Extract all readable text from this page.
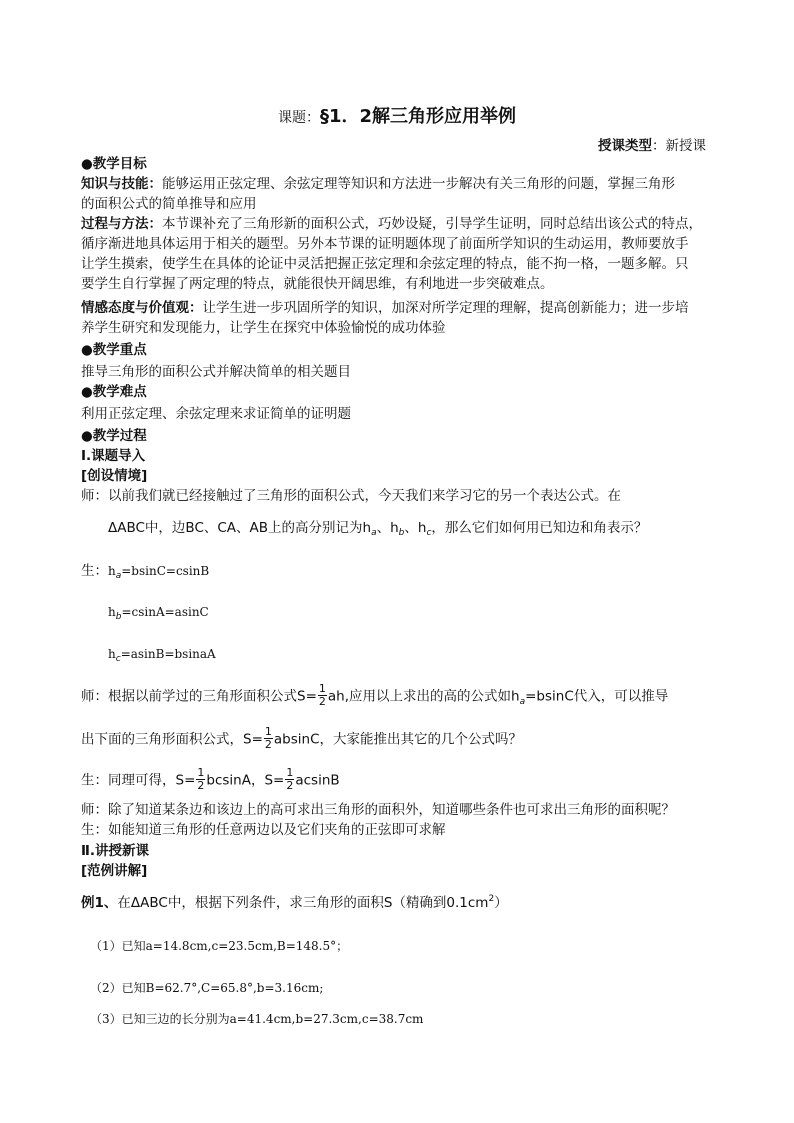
课题：§1．2解三角形应用举例
授课类型：新授课
●教学目标
知识与技能：能够运用正弦定理、余弦定理等知识和方法进一步解决有关三角形的问题，掌握三角形
的面积公式的简单推导和应用
过程与方法：本节课补充了三角形新的面积公式，巧妙设疑，引导学生证明，同时总结出该公式的特点，
循序渐进地具体运用于相关的题型。另外本节课的证明题体现了前面所学知识的生动运用，教师要放手
让学生摸索，使学生在具体的论证中灵活把握正弦定理和余弦定理的特点，能不拘一格，一题多解。只
要学生自行掌握了两定理的特点，就能很快开阔思维，有利地进一步突破难点。
情感态度与价值观：让学生进一步巩固所学的知识，加深对所学定理的理解，提高创新能力；进一步培
养学生研究和发现能力，让学生在探究中体验愉悦的成功体验
●教学重点
推导三角形的面积公式并解决简单的相关题目
●教学难点
利用正弦定理、余弦定理来求证简单的证明题
●教学过程
Ⅰ.课题导入
[创设情境]
师：以前我们就已经接触过了三角形的面积公式，今天我们来学习它的另一个表达公式。在
ΔABC中，边BC、CA、AB上的高分别记为$h_a$、$h_b$、$h_c$，那么它们如何用已知边和角表示？
生：$h_a=bsinC=csinB$
$h_b=csinA=asinC$
$h_c=asinB=bsinaA$
师：根据以前学过的三角形面积公式$S= \frac{1}{2}$ ah,应用以上求出的高的公式如$h_a=bsinC$代入，可以推导
出下面的三角形面积公式，$S= \frac{1}{2}$ absinC，大家能推出其它的几个公式吗？
生：同理可得，$S= \frac{1}{2}$ bcsinA，$S= \frac{1}{2}$ acsinB
师：除了知道某条边和该边上的高可求出三角形的面积外，知道哪些条件也可求出三角形的面积呢？
生：如能知道三角形的任意两边以及它们夹角的正弦即可求解
Ⅱ.讲授新课
[范例讲解]
例1、在ΔABC中，根据下列条件，求三角形的面积S（精确到$0.1cm^2$）
（1）已知a=14.8cm,c=23.5cm,B=148.5°；
（2）已知B=62.7°,C=65.8°,b=3.16cm;
（3）已知三边的长分别为a=41.4cm,b=27.3cm,c=38.7cm
